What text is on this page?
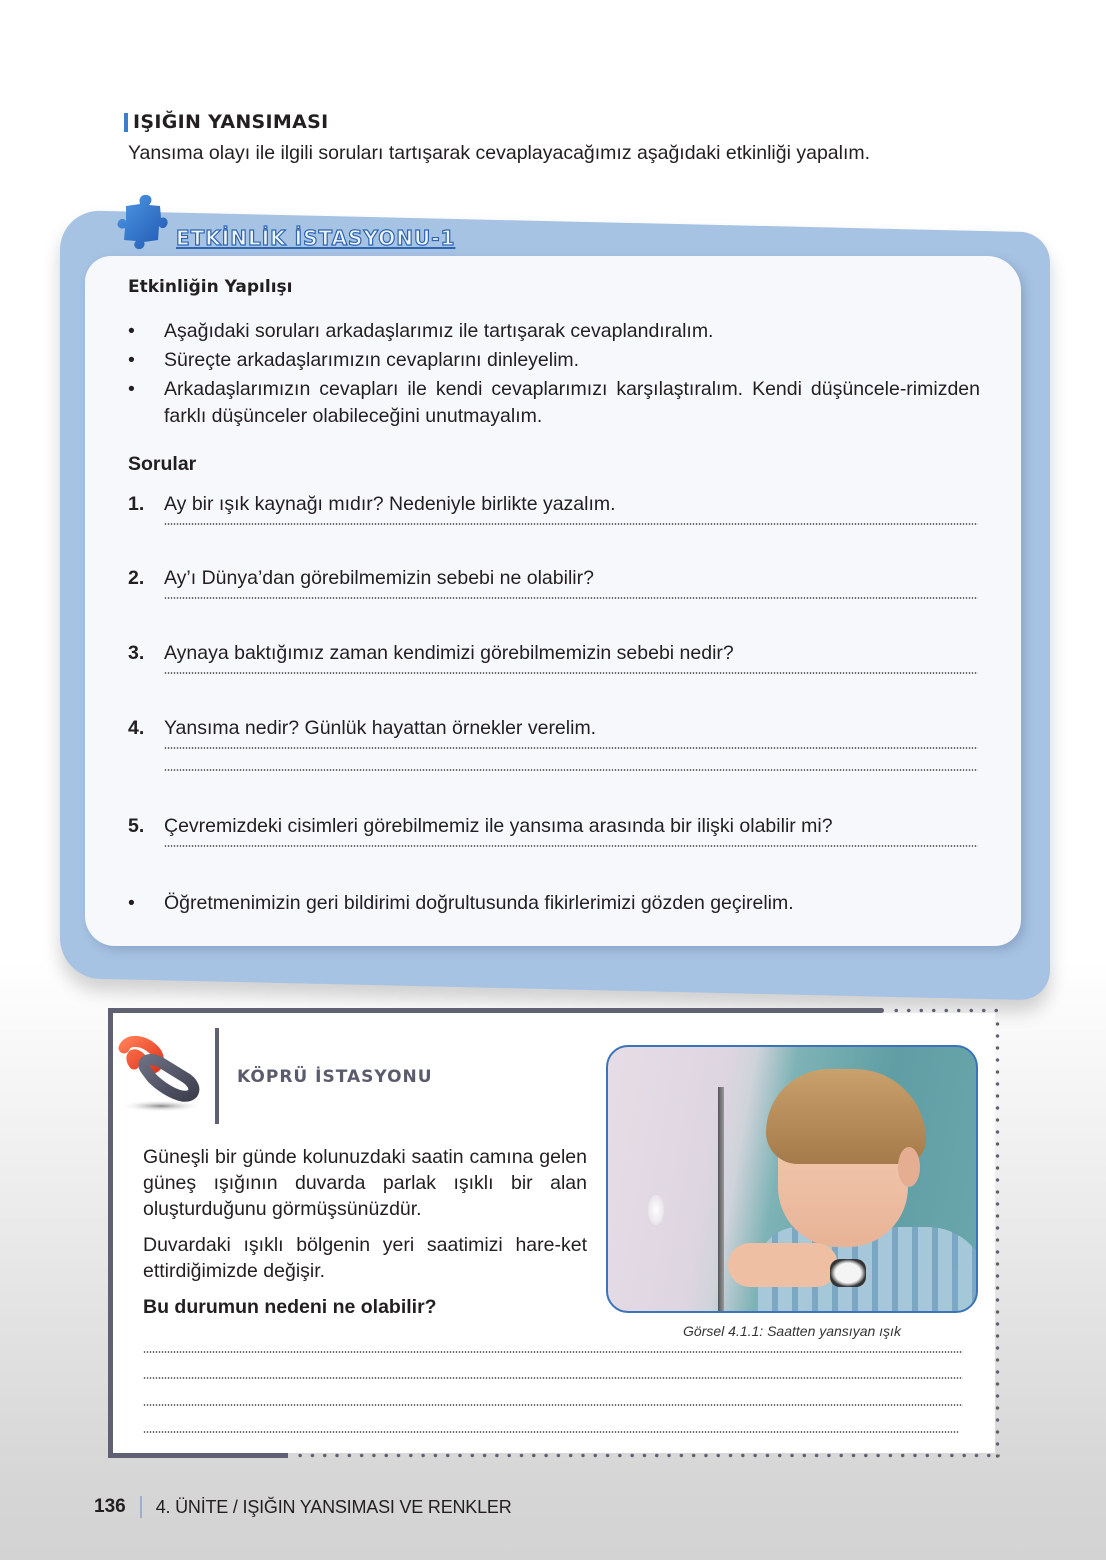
IŞIĞIN YANSIMASI
Yansıma olayı ile ilgili soruları tartışarak cevaplayacağımız aşağıdaki etkinliği yapalım.
ETKİNLİK İSTASYONU-1
Etkinliğin Yapılışı
• Aşağıdaki soruları arkadaşlarımız ile tartışarak cevaplandıralım.
• Süreçte arkadaşlarımızın cevaplarını dinleyelim.
• Arkadaşlarımızın cevapları ile kendi cevaplarımızı karşılaştıralım. Kendi düşüncele-rimizden farklı düşünceler olabileceğini unutmayalım.
Sorular
1. Ay bir ışık kaynağı mıdır? Nedeniyle birlikte yazalım.
2. Ay’ı Dünya’dan görebilmemizin sebebi ne olabilir?
3. Aynaya baktığımız zaman kendimizi görebilmemizin sebebi nedir?
4. Yansıma nedir? Günlük hayattan örnekler verelim.
5. Çevremizdeki cisimleri görebilmemiz ile yansıma arasında bir ilişki olabilir mi?
• Öğretmenimizin geri bildirimi doğrultusunda fikirlerimizi gözden geçirelim.
KÖPRÜ İSTASYONU

Güneşli bir günde kolunuzdaki saatin camına gelen güneş ışığının duvarda parlak ışıklı bir alan oluşturduğunu görmüşsünüzdür.

Duvardaki ışıklı bölgenin yeri saatimizi hare-ket ettirdiğimizde değişir.

Bu durumun nedeni ne olabilir?

Görsel 4.1.1: Saatten yansıyan ışık
136 4. ÜNİTE / IŞIĞIN YANSIMASI VE RENKLER
